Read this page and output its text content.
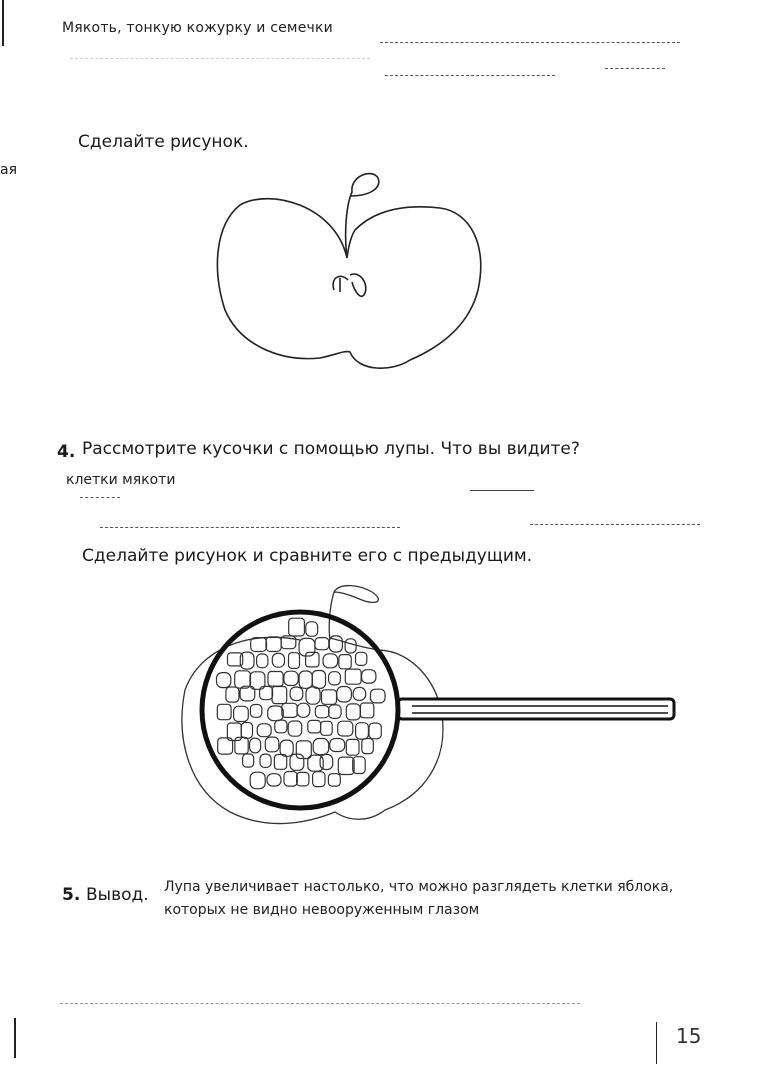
ая
Мякоть, тонкую кожурку и семечки
Сделайте рисунок.
4. Рассмотрите кусочки с помощью лупы. Что вы видите?
клетки мякоти
Сделайте рисунок и сравните его с предыдущим.
5. Вывод. Лупа увеличивает настолько, что можно разглядеть клетки яблока,
которых не видно невооруженным глазом
15
